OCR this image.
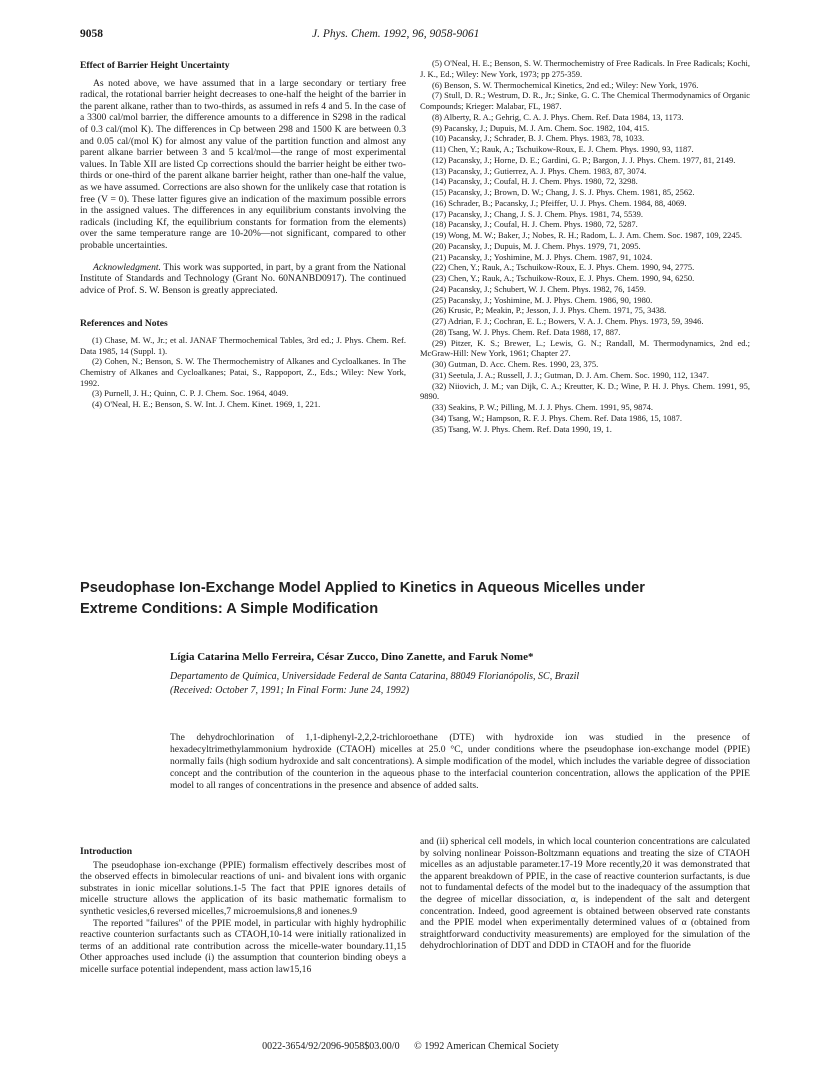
9058	J. Phys. Chem. 1992, 96, 9058-9061
Effect of Barrier Height Uncertainty

As noted above, we have assumed that in a large secondary or tertiary free radical, the rotational barrier height decreases to one-half the height of the barrier in the parent alkane, rather than to two-thirds, as assumed in refs 4 and 5. In the case of a 3300 cal/mol barrier, the difference amounts to a difference in S298 in the radical of 0.3 cal/(mol K). The differences in Cp between 298 and 1500 K are between 0.3 and 0.05 cal/(mol K) for almost any value of the partition function and almost any parent alkane barrier between 3 and 5 kcal/mol—the range of most experimental values. In Table XII are listed Cp corrections should the barrier height be either two-thirds or one-third of the parent alkane barrier height, rather than one-half the value, as we have assumed. Corrections are also shown for the unlikely case that rotation is free (V = 0). These latter figures give an indication of the maximum possible errors in the assigned values. The differences in any equilibrium constants involving the radicals (including Kf, the equilibrium constants for formation from the elements) over the same temperature range are 10-20%—not significant, compared to other probable uncertainties.

Acknowledgment. This work was supported, in part, by a grant from the National Institute of Standards and Technology (Grant No. 60NANBD0917). The continued advice of Prof. S. W. Benson is greatly appreciated.

References and Notes

(1) Chase, M. W., Jr.; et al. JANAF Thermochemical Tables, 3rd ed.; J. Phys. Chem. Ref. Data 1985, 14 (Suppl. 1).

(2) Cohen, N.; Benson, S. W. The Thermochemistry of Alkanes and Cycloalkanes. In The Chemistry of Alkanes and Cycloalkanes; Patai, S., Rappoport, Z., Eds.; Wiley: New York, 1992.

(3) Purnell, J. H.; Quinn, C. P. J. Chem. Soc. 1964, 4049.

(4) O'Neal, H. E.; Benson, S. W. Int. J. Chem. Kinet. 1969, 1, 221.

(5) O'Neal, H. E.; Benson, S. W. Thermochemistry of Free Radicals. In Free Radicals; Kochi, J. K., Ed.; Wiley: New York, 1973; pp 275-359.

(6) Benson, S. W. Thermochemical Kinetics, 2nd ed.; Wiley: New York, 1976.

(7) Stull, D. R.; Westrum, D. R., Jr.; Sinke, G. C. The Chemical Thermodynamics of Organic Compounds; Krieger: Malabar, FL, 1987.

(8) Alberty, R. A.; Gehrig, C. A. J. Phys. Chem. Ref. Data 1984, 13, 1173.

(9) Pacansky, J.; Dupuis, M. J. Am. Chem. Soc. 1982, 104, 415.

(10) Pacansky, J.; Schrader, B. J. Chem. Phys. 1983, 78, 1033.

(11) Chen, Y.; Rauk, A.; Tschuikow-Roux, E. J. Chem. Phys. 1990, 93, 1187.

(12) Pacansky, J.; Horne, D. E.; Gardini, G. P.; Bargon, J. J. Phys. Chem. 1977, 81, 2149.

(13) Pacansky, J.; Gutierrez, A. J. Phys. Chem. 1983, 87, 3074.

(14) Pacansky, J.; Coufal, H. J. Chem. Phys. 1980, 72, 3298.

(15) Pacansky, J.; Brown, D. W.; Chang, J. S. J. Phys. Chem. 1981, 85, 2562.

(16) Schrader, B.; Pacansky, J.; Pfeiffer, U. J. Phys. Chem. 1984, 88, 4069.

(17) Pacansky, J.; Chang, J. S. J. Chem. Phys. 1981, 74, 5539.

(18) Pacansky, J.; Coufal, H. J. Chem. Phys. 1980, 72, 5287.

(19) Wong, M. W.; Baker, J.; Nobes, R. H.; Radom, L. J. Am. Chem. Soc. 1987, 109, 2245.

(20) Pacansky, J.; Dupuis, M. J. Chem. Phys. 1979, 71, 2095.

(21) Pacansky, J.; Yoshimine, M. J. Phys. Chem. 1987, 91, 1024.

(22) Chen, Y.; Rauk, A.; Tschuikow-Roux, E. J. Phys. Chem. 1990, 94, 2775.

(23) Chen, Y.; Rauk, A.; Tschuikow-Roux, E. J. Phys. Chem. 1990, 94, 6250.

(24) Pacansky, J.; Schubert, W. J. Chem. Phys. 1982, 76, 1459.

(25) Pacansky, J.; Yoshimine, M. J. Phys. Chem. 1986, 90, 1980.

(26) Krusic, P.; Meakin, P.; Jesson, J. J. Phys. Chem. 1971, 75, 3438.

(27) Adrian, F. J.; Cochran, E. L.; Bowers, V. A. J. Chem. Phys. 1973, 59, 3946.

(28) Tsang, W. J. Phys. Chem. Ref. Data 1988, 17, 887.

(29) Pitzer, K. S.; Brewer, L.; Lewis, G. N.; Randall, M. Thermodynamics, 2nd ed.; McGraw-Hill: New York, 1961; Chapter 27.

(30) Gutman, D. Acc. Chem. Res. 1990, 23, 375.

(31) Seetula, J. A.; Russell, J. J.; Gutman, D. J. Am. Chem. Soc. 1990, 112, 1347.

(32) Niiovich, J. M.; van Dijk, C. A.; Kreutter, K. D.; Wine, P. H. J. Phys. Chem. 1991, 95, 9890.

(33) Seakins, P. W.; Pilling, M. J. J. Phys. Chem. 1991, 95, 9874.

(34) Tsang, W.; Hampson, R. F. J. Phys. Chem. Ref. Data 1986, 15, 1087.

(35) Tsang, W. J. Phys. Chem. Ref. Data 1990, 19, 1.

Pseudophase Ion-Exchange Model Applied to Kinetics in Aqueous Micelles under
Extreme Conditions: A Simple Modification
Lígia Catarina Mello Ferreira, César Zucco, Dino Zanette, and Faruk Nome*
Departamento de Química, Universidade Federal de Santa Catarina, 88049 Florianópolis, SC, Brazil
(Received: October 7, 1991; In Final Form: June 24, 1992)
The dehydrochlorination of 1,1-diphenyl-2,2,2-trichloroethane (DTE) with hydroxide ion was studied in the presence of hexadecyltrimethylammonium hydroxide (CTAOH) micelles at 25.0 °C, under conditions where the pseudophase ion-exchange model (PPIE) normally fails (high sodium hydroxide and salt concentrations). A simple modification of the model, which includes the variable degree of dissociation concept and the contribution of the counterion in the aqueous phase to the interfacial counterion concentration, allows the application of the PPIE model to all ranges of concentrations in the presence and absence of added salts.
Introduction

The pseudophase ion-exchange (PPIE) formalism effectively describes most of the observed effects in bimolecular reactions of uni- and bivalent ions with organic substrates in ionic micellar solutions.1-5 The fact that PPIE ignores details of micelle structure allows the application of its basic mathematic formalism to synthetic vesicles,6 reversed micelles,7 microemulsions,8 and ionenes.9

The reported "failures" of the PPIE model, in particular with highly hydrophilic reactive counterion surfactants such as CTAOH,10-14 were initially rationalized in terms of an additional rate contribution across the micelle-water boundary.11,15 Other approaches used include (i) the assumption that counterion binding obeys a micelle surface potential independent, mass action law15,16

and (ii) spherical cell models, in which local counterion concentrations are calculated by solving nonlinear Poisson-Boltzmann equations and treating the size of CTAOH micelles as an adjustable parameter.17-19 More recently,20 it was demonstrated that the apparent breakdown of PPIE, in the case of reactive counterion surfactants, is due not to fundamental defects of the model but to the inadequacy of the assumption that the degree of micellar dissociation, α, is independent of the salt and detergent concentration. Indeed, good agreement is obtained between observed rate constants and the PPIE model when experimentally determined values of α (obtained from straightforward conductivity measurements) are employed for the simulation of the dehydrochlorination of DDT and DDD in CTAOH and for the fluoride

0022-3654/92/2096-9058$03.00/0 © 1992 American Chemical Society
